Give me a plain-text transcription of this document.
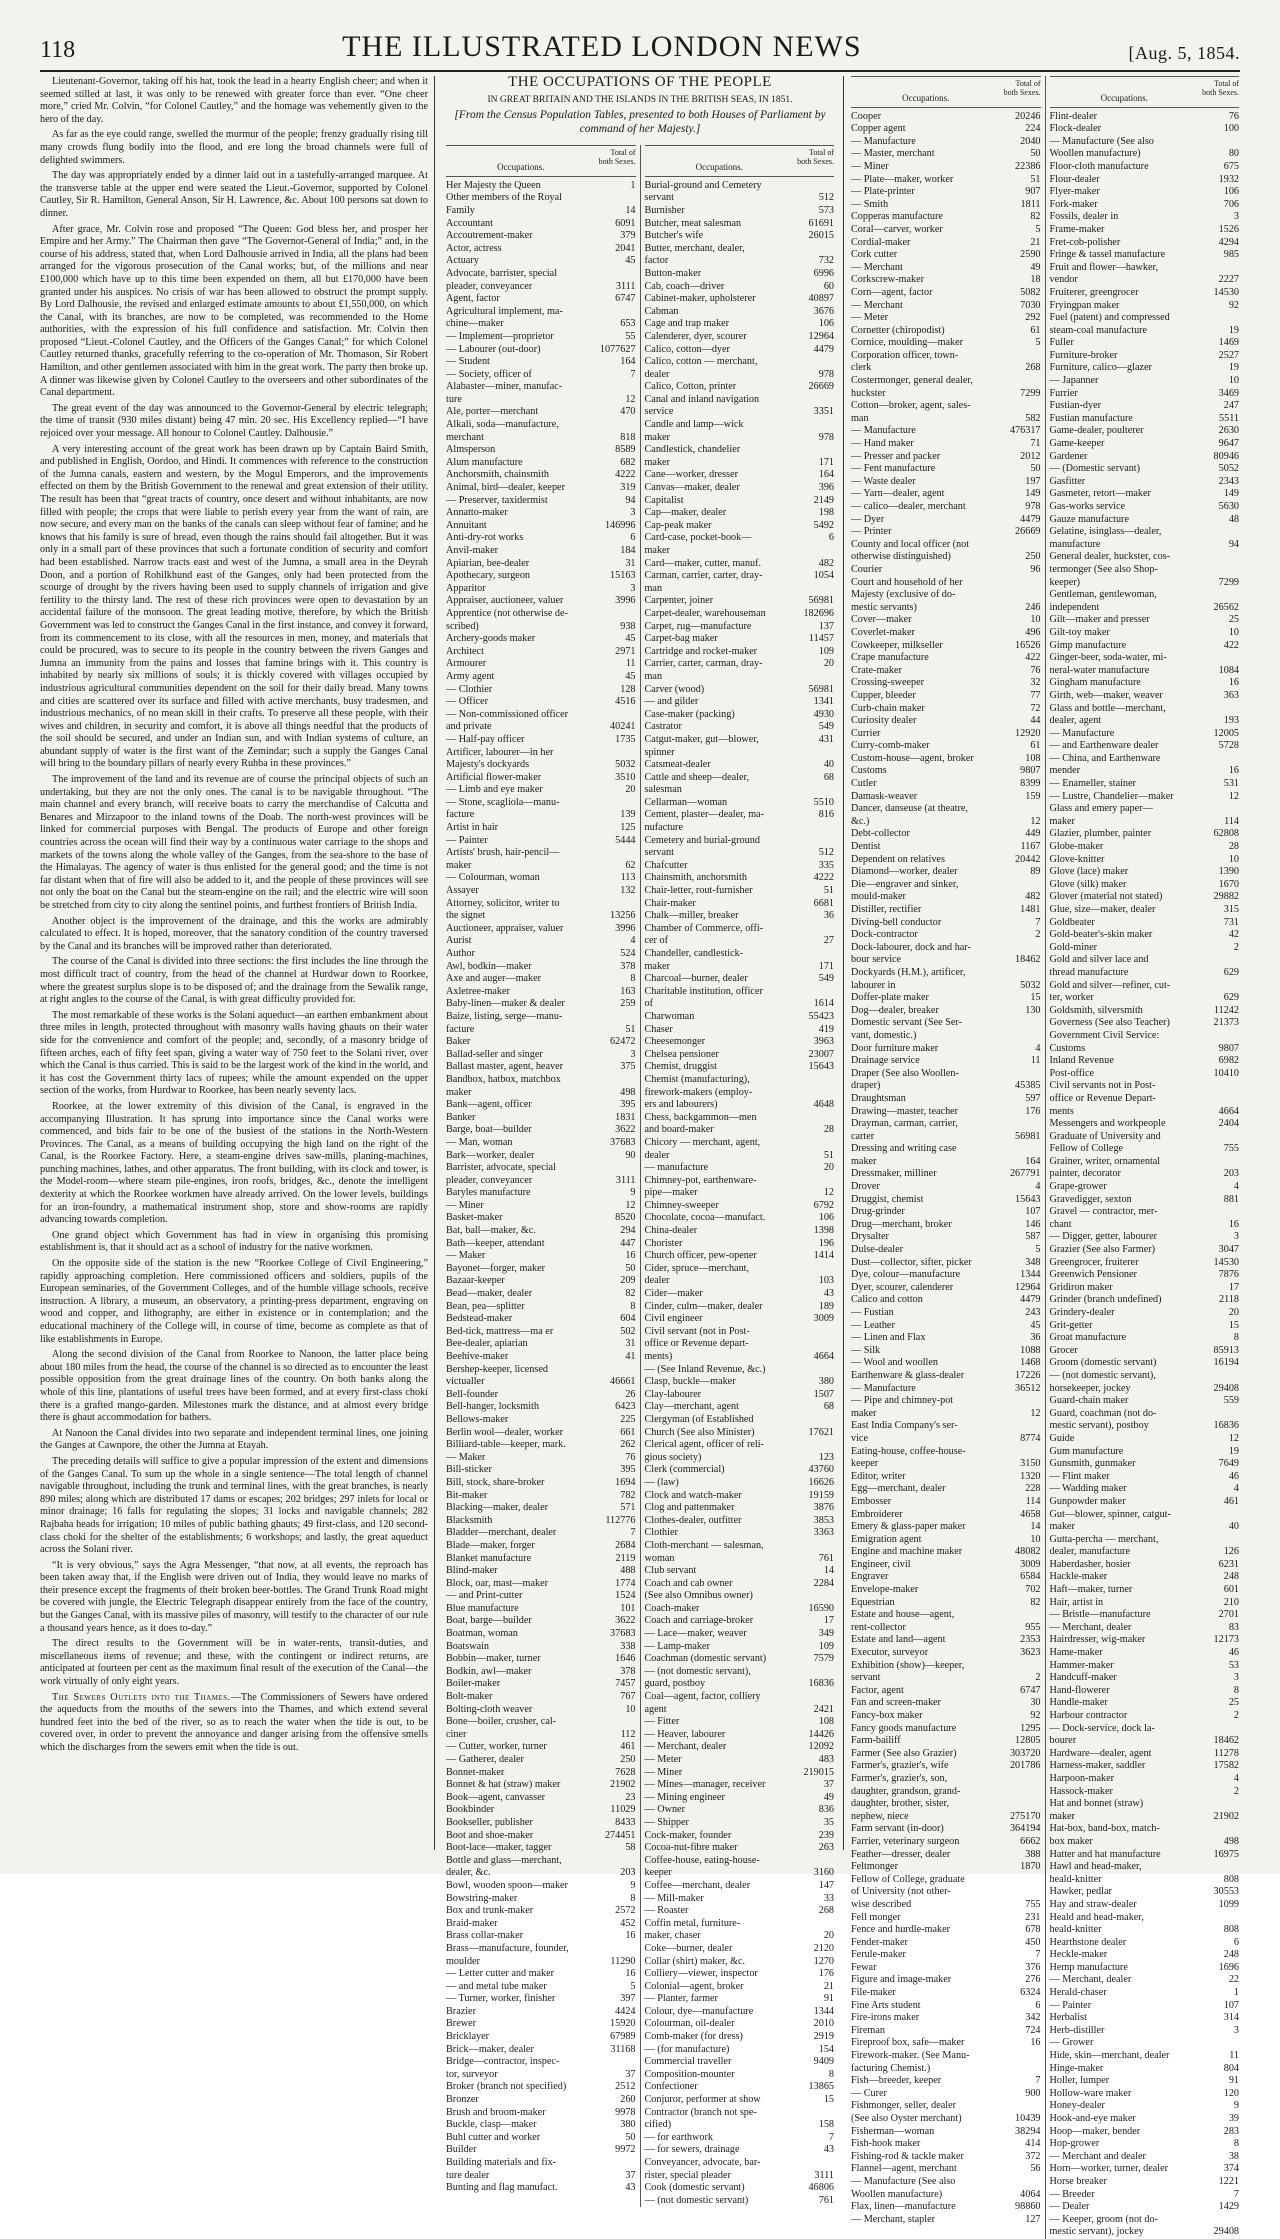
118	THE ILLUSTRATED LONDON NEWS	[Aug. 5, 1854.

Lieutenant-Governor, taking off his hat, took the lead in a hearty English cheer; and when it seemed stilled at last, it was only to be renewed with greater force than ever. “One cheer more,” cried Mr. Colvin, “for Colonel Cautley,” and the homage was vehemently given to the hero of the day.

As far as the eye could range, swelled the murmur of the people; frenzy gradually rising till many crowds flung bodily into the flood, and ere long the broad channels were full of delighted swimmers.

The day was appropriately ended by a dinner laid out in a tastefully-arranged marquee. At the transverse table at the upper end were seated the Lieut.-Governor, supported by Colonel Cautley, Sir R. Hamilton, General Anson, Sir H. Lawrence, &c. About 100 persons sat down to dinner.

After grace, Mr. Colvin rose and proposed “The Queen: God bless her, and prosper her Empire and her Army.” The Chairman then gave “The Governor-General of India;” and, in the course of his address, stated that, when Lord Dalhousie arrived in India, all the plans had been arranged for the vigorous prosecution of the Canal works; but, of the millions and near £100,000 which have up to this time been expended on them, all but £170,000 have been granted under his auspices. No crisis of war has been allowed to obstruct the prompt supply. By Lord Dalhousie, the revised and enlarged estimate amounts to about £1,550,000, on which the Canal, with its branches, are now to be completed, was recommended to the Home authorities, with the expression of his full confidence and satisfaction. Mr. Colvin then proposed “Lieut.-Colonel Cautley, and the Officers of the Ganges Canal;” for which Colonel Cautley returned thanks, gracefully referring to the co-operation of Mr. Thomason, Sir Robert Hamilton, and other gentlemen associated with him in the great work. The party then broke up. A dinner was likewise given by Colonel Cautley to the overseers and other subordinates of the Canal department.

The great event of the day was announced to the Governor-General by electric telegraph; the time of transit (930 miles distant) being 47 min. 20 sec. His Excellency replied—“I have rejoiced over your message. All honour to Colonel Cautley. Dalhousie.”

A very interesting account of the great work has been drawn up by Captain Baird Smith, and published in English, Oordoo, and Hindi. It commences with reference to the construction of the Jumna canals, eastern and western, by the Mogul Emperors, and the improvements effected on them by the British Government to the renewal and great extension of their utility. The result has been that “great tracts of country, once desert and without inhabitants, are now filled with people; the crops that were liable to perish every year from the want of rain, are now secure, and every man on the banks of the canals can sleep without fear of famine; and he knows that his family is sure of bread, even though the rains should fail altogether. But it was only in a small part of these provinces that such a fortunate condition of security and comfort had been established. Narrow tracts east and west of the Jumna, a small area in the Deyrah Doon, and a portion of Rohilkhund east of the Ganges, only had been protected from the scourge of drought by the rivers having been used to supply channels of irrigation and give fertility to the thirsty land. The rest of these rich provinces were open to devastation by an accidental failure of the monsoon. The great leading motive, therefore, by which the British Government was led to construct the Ganges Canal in the first instance, and convey it forward, from its commencement to its close, with all the resources in men, money, and materials that could be procured, was to secure to its people in the country between the rivers Ganges and Jumna an immunity from the pains and losses that famine brings with it. This country is inhabited by nearly six millions of souls; it is thickly covered with villages occupied by industrious agricultural communities dependent on the soil for their daily bread. Many towns and cities are scattered over its surface and filled with active merchants, busy tradesmen, and industrious mechanics, of no mean skill in their crafts. To preserve all these people, with their wives and children, in security and comfort, it is above all things needful that the products of the soil should be secured, and under an Indian sun, and with Indian systems of culture, an abundant supply of water is the first want of the Zemindar; such a supply the Ganges Canal will bring to the boundary pillars of nearly every Ruhba in these provinces.”

The improvement of the land and its revenue are of course the principal objects of such an undertaking, but they are not the only ones. The canal is to be navigable throughout. “The main channel and every branch, will receive boats to carry the merchandise of Calcutta and Benares and Mirzapoor to the inland towns of the Doab. The north-west provinces will be linked for commercial purposes with Bengal. The products of Europe and other foreign countries across the ocean will find their way by a continuous water carriage to the shops and markets of the towns along the whole valley of the Ganges, from the sea-shore to the base of the Himalayas. The agency of water is thus enlisted for the general good; and the time is not far distant when that of fire will also be added to it, and the people of these provinces will see not only the boat on the Canal but the steam-engine on the rail; and the electric wire will soon be stretched from city to city along the sentinel points, and furthest frontiers of British India.

Another object is the improvement of the drainage, and this the works are admirably calculated to effect. It is hoped, moreover, that the sanatory condition of the country traversed by the Canal and its branches will be improved rather than deteriorated.

The course of the Canal is divided into three sections: the first includes the line through the most difficult tract of country, from the head of the channel at Hurdwar down to Roorkee, where the greatest surplus slope is to be disposed of; and the drainage from the Sewalik range, at right angles to the course of the Canal, is with great difficulty provided for.

The most remarkable of these works is the Solani aqueduct—an earthen embankment about three miles in length, protected throughout with masonry walls having ghauts on their water side for the convenience and comfort of the people; and, secondly, of a masonry bridge of fifteen arches, each of fifty feet span, giving a water way of 750 feet to the Solani river, over which the Canal is thus carried. This is said to be the largest work of the kind in the world, and it has cost the Government thirty lacs of rupees; while the amount expended on the upper section of the works, from Hurdwar to Roorkee, has been nearly seventy lacs.

Roorkee, at the lower extremity of this division of the Canal, is engraved in the accompanying Illustration. It has sprung into importance since the Canal works were commenced, and bids fair to be one of the busiest of the stations in the North-Western Provinces. The Canal, as a means of building occupying the high land on the right of the Canal, is the Roorkee Factory. Here, a steam-engine drives saw-mills, planing-machines, punching machines, lathes, and other apparatus. The front building, with its clock and tower, is the Model-room—where steam pile-engines, iron roofs, bridges, &c., denote the intelligent dexterity at which the Roorkee workmen have already arrived. On the lower levels, buildings for an iron-foundry, a mathematical instrument shop, store and show-rooms are rapidly advancing towards completion.

One grand object which Government has had in view in organising this promising establishment is, that it should act as a school of industry for the native workmen.

On the opposite side of the station is the new “Roorkee College of Civil Engineering,” rapidly approaching completion. Here commissioned officers and soldiers, pupils of the European seminaries, of the Government Colleges, and of the humble village schools, receive instruction. A library, a museum, an observatory, a printing-press department, engraving on wood and copper, and lithography, are either in existence or in contemplation; and the educational machinery of the College will, in course of time, become as complete as that of like establishments in Europe.

Along the second division of the Canal from Roorkee to Nanoon, the latter place being about 180 miles from the head, the course of the channel is so directed as to encounter the least possible opposition from the great drainage lines of the country. On both banks along the whole of this line, plantations of useful trees have been formed, and at every first-class chokí there is a grafted mango-garden. Milestones mark the distance, and at almost every bridge there is ghaut accommodation for bathers.

At Nanoon the Canal divides into two separate and independent terminal lines, one joining the Ganges at Cawnpore, the other the Jumna at Etayah.

The preceding details will suffice to give a popular impression of the extent and dimensions of the Ganges Canal. To sum up the whole in a single sentence—The total length of channel navigable throughout, including the trunk and terminal lines, with the great branches, is nearly 890 miles; along which are distributed 17 dams or escapes; 202 bridges; 297 inlets for local or minor drainage; 16 falls for regulating the slopes; 31 locks and navigable channels; 282 Rajbaha heads for irrigation; 10 miles of public bathing ghauts; 49 first-class, and 120 second-class choki for the shelter of the establishments; 6 workshops; and lastly, the great aqueduct across the Solani river.

“It is very obvious,” says the Agra Messenger, “that now, at all events, the reproach has been taken away that, if the English were driven out of India, they would leave no marks of their presence except the fragments of their broken beer-bottles. The Grand Trunk Road might be covered with jungle, the Electric Telegraph disappear entirely from the face of the country, but the Ganges Canal, with its massive piles of masonry, will testify to the character of our rule a thousand years hence, as it does to-day.”

The direct results to the Government will be in water-rents, transit-duties, and miscellaneous items of revenue; and these, with the contingent or indirect returns, are anticipated at fourteen per cent as the maximum final result of the execution of the Canal—the work virtually of only eight years.

The Sewers Outlets into the Thames.—The Commissioners of Sewers have ordered the aqueducts from the mouths of the sewers into the Thames, and which extend several hundred feet into the bed of the river, so as to reach the water when the tide is out, to be covered over, in order to prevent the annoyance and danger arising from the offensive smells which the discharges from the sewers emit when the tide is out.

THE OCCUPATIONS OF THE PEOPLE
IN GREAT BRITAIN AND THE ISLANDS IN THE BRITISH SEAS, IN 1851.
[From the Census Population Tables, presented to both Houses of Parliament by command of her Majesty.]
Occupations.
Total of both Sexes.
Her Majesty the Queen	1
Other members of the Royal
Family	14
Accountant	6091
Accoutrement-maker	379
Actor, actress	2041
Actuary	45
Advocate, barrister, special
pleader, conveyancer	3111
Agent, factor	6747
Agricultural implement, ma-
chine—maker	653
— Implement—proprietor	55
— Labourer (out-door)	1077627
— Student	164
— Society, officer of	7
Alabaster—miner, manufac-
ture	12
Ale, porter—merchant	470
Alkali, soda—manufacture,
merchant	818
Almsperson	8589
Alum manufacture	682
Anchorsmith, chainsmith	4222
Animal, bird—dealer, keeper	319
— Preserver, taxidermist	94
Annatto-maker	3
Annuitant	146996
Anti-dry-rot works	6
Anvil-maker	184
Apiarian, bee-dealer	31
Apothecary, surgeon	15163
Apparitor	3
Appraiser, auctioneer, valuer	3996
Apprentice (not otherwise de-
scribed)	938
Archery-goods maker	45
Architect	2971
Armourer	11
Army agent	45
— Clothier	128
— Officer	4516
— Non-commissioned officer
and private	40241
— Half-pay officer	1735
Artificer, labourer—in her
Majesty's dockyards	5032
Artificial flower-maker	3510
— Limb and eye maker	20
— Stone, scagliola—manu-
facture	139
Artist in hair	125
— Painter	5444
Artists' brush, hair-pencil—
maker	62
— Colourman, woman	113
Assayer	132
Attorney, solicitor, writer to
the signet	13256
Auctioneer, appraiser, valuer	3996
Aurist	4
Author	524
Awl, bodkin—maker	378
Axe and auger—maker	8
Axletree-maker	163
Baby-linen—maker & dealer	259
Baize, listing, serge—manu-
facture	51
Baker	62472
Ballad-seller and singer	3
Ballast master, agent, heaver	375
Bandbox, hatbox, matchbox
maker	498
Bank—agent, officer	395
Banker	1831
Barge, boat—builder	3622
— Man, woman	37683
Bark—worker, dealer	90
Barrister, advocate, special
pleader, conveyancer	3111
Baryles manufacture	9
— Miner	12
Basket-maker	8520
Bat, ball—maker, &c.	294
Bath—keeper, attendant	447
— Maker	16
Bayonet—forger, maker	50
Bazaar-keeper	209
Bead—maker, dealer	82
Bean, pea—splitter	8
Bedstead-maker	604
Bed-tick, mattress—ma er	502
Bee-dealer, apiarian	31
Beehive-maker	41
Bershep-keeper, licensed
victualler	46661
Bell-founder	26
Bell-hanger, locksmith	6423
Bellows-maker	225
Berlin wool—dealer, worker	661
Billiard-table—keeper, mark.	262
— Maker	76
Bill-sticker	395
Bill, stock, share-broker	1694
Bit-maker	782
Blacking—maker, dealer	571
Blacksmith	112776
Bladder—merchant, dealer	7
Blade—maker, forger	2684
Blanket manufacture	2119
Blind-maker	488
Block, oar, mast—maker	1774
— and Print-cutter	1524
Blue manufacture	101
Boat, barge—builder	3622
Boatman, woman	37683
Boatswain	338
Bobbin—maker, turner	1646
Bodkin, awl—maker	378
Boiler-maker	7457
Bolt-maker	767
Bolting-cloth weaver	10
Bone—boiler, crusher, cal-
ciner	112
— Cutter, worker, turner	461
— Gatherer, dealer	250
Bonnet-maker	7628
Bonnet & hat (straw) maker	21902
Book—agent, canvasser	23
Bookbinder	11029
Bookseller, publisher	8433
Boot and shoe-maker	274451
Boot-lace—maker, tagger	58
Bottle and glass—merchant,
dealer, &c.	203
Bowl, wooden spoon—maker	9
Bowstring-maker	8
Box and trunk-maker	2572
Braid-maker	452
Brass collar-maker	16
Brass—manufacture, founder,
moulder	11290
— Letter cutter and maker	16
— and metal tube maker	5
— Turner, worker, finisher	397
Brazier	4424
Brewer	15920
Bricklayer	67989
Brick—maker, dealer	31168
Bridge—contractor, inspec-
tor, surveyor	37
Broker (branch not specified)	2512
Bronzer	260
Brush and broom-maker	9978
Buckle, clasp—maker	380
Buhl cutter and worker	50
Builder	9972
Building materials and fix-
ture dealer	37
Bunting and flag manufact.	43
Occupations.
Total of both Sexes.
Burial-ground and Cemetery
servant	512
Burnisher	573
Butcher, meat salesman	61691
Butcher's wife	26015
Butter, merchant, dealer,
factor	732
Button-maker	6996
Cab, coach—driver	60
Cabinet-maker, upholsterer	40897
Cabman	3676
Cage and trap maker	106
Calenderer, dyer, scourer	12964
Calico, cotton—dyer	4479
Calico, cotton — merchant,
dealer	978
Calico, Cotton, printer	26669
Canal and inland navigation
service	3351
Candle and lamp—wick
maker	978
Candlestick, chandelier
maker	171
Cane—worker, dresser	164
Canvas—maker, dealer	396
Capitalist	2149
Cap—maker, dealer	198
Cap-peak maker	5492
Card-case, pocket-book—	6
maker
Card—maker, cutter, manuf.	482
Carman, carrier, carter, dray-	1054
man
Carpenter, joiner	56981
Carpet-dealer, warehouseman	182696
Carpet, rug—manufacture	137
Carpet-bag maker	11457
Cartridge and rocket-maker	109
Carrier, carter, carman, dray-	20
man
Carver (wood)	56981
— and gilder	1341
Case-maker (packing)	4930
Castrator	549
Catgut-maker, gut—blower,	431
spinner
Catsmeat-dealer	40
Cattle and sheep—dealer,	68
salesman
Cellarman—woman	5510
Cement, plaster—dealer, ma-	816
nufacture
Cemetery and burial-ground
servant	512
Chafcutter	335
Chainsmith, anchorsmith	4222
Chair-letter, rout-furnisher	51
Chair-maker	6681
Chalk—miller, breaker	36
Chamber of Commerce, offi-
cer of	27
Chandeller, candlestick-
maker	171
Charcoal—burner, dealer	549
Charitable institution, officer
of	1614
Charwoman	55423
Chaser	419
Cheesemonger	3963
Chelsea pensioner	23007
Chemist, druggist	15643
Chemist (manufacturing),
firework-makers (employ-
ers and labourers)	4648
Chess, backgammon—men
and board-maker	28
Chicory — merchant, agent,
dealer	51
— manufacture	20
Chimney-pot, earthenware-
pipe—maker	12
Chimney-sweeper	6792
Chocolate, cocoa—manufact.	106
China-dealer	1398
Chorister	196
Church officer, pew-opener	1414
Cider, spruce—merchant,
dealer	103
Cider—maker	43
Cinder, culm—maker, dealer	189
Civil engineer	3009
Civil servant (not in Post-
office or Revenue depart-
ments)	4664
— (See Inland Revenue, &c.)
Clasp, buckle—maker	380
Clay-labourer	1507
Clay—merchant, agent	68
Clergyman (of Established
Church (See also Minister)	17621
Clerical agent, officer of reli-
gious society)	123
Clerk (commercial)	43760
— (law)	16626
Clock and watch-maker	19159
Clog and pattenmaker	3876
Clothes-dealer, outfitter	3853
Clothier	3363
Cloth-merchant — salesman,
woman	761
Club servant	14
Coach and cab owner	2284
(See also Omnibus owner)
Coach-maker	16590
Coach and carriage-broker	17
— Lace—maker, weaver	349
— Lamp-maker	109
Coachman (domestic servant)	7579
— (not domestic servant),
guard, postboy	16836
Coal—agent, factor, colliery
agent	2421
— Fitter	108
— Heaver, labourer	14426
— Merchant, dealer	12092
— Meter	483
— Miner	219015
— Mines—manager, receiver	37
— Mining engineer	49
— Owner	836
— Shipper	35
Cock-maker, founder	239
Cocoa-nut-fibre maker	263
Coffee-house, eating-house-
keeper	3160
Coffee—merchant, dealer	147
— Mill-maker	33
— Roaster	268
Coffin metal, furniture-
maker, chaser	20
Coke—burner, dealer	2120
Collar (shirt) maker, &c.	1270
Colliery—viewer, inspector	176
Colonial—agent, broker	21
— Planter, farmer	91
Colour, dye—manufacture	1344
Colourman, oil-dealer	2010
Comb-maker (for dress)	2919
— (for manufacture)	154
Commercial traveller	9409
Composition-mounter	8
Confectioner	13865
Conjuror, performer at show	15
Contractor (branch not spe-
cified)	158
— for earthwork	7
— for sewers, drainage	43
Conveyancer, advocate, bar-
rister, special pleader	3111
Cook (domestic servant)	46806
— (not domestic servant)	761
Occupations.
Total of both Sexes.
Cooper	20246
Copper agent	224
— Manufacture	2040
— Master, merchant	50
— Miner	22386
— Plate—maker, worker	51
— Plate-printer	907
— Smith	1811
Copperas manufacture	82
Coral—carver, worker	5
Cordial-maker	21
Cork cutter	2590
— Merchant	49
Corkscrew-maker	18
Corn—agent, factor	5082
— Merchant	7030
— Meter	292
Cornetter (chiropodist)	61
Cornice, moulding—maker	5
Corporation officer, town-
clerk	268
Costermonger, general dealer,
huckster	7299
Cotton—broker, agent, sales-
man	582
— Manufacture	476317
— Hand maker	71
— Presser and packer	2012
— Fent manufacture	50
— Waste dealer	197
— Yarn—dealer, agent	149
— calico—dealer, merchant	978
— Dyer	4479
— Printer	26669
County and local officer (not
otherwise distinguished)	250
Courier	96
Court and household of her
Majesty (exclusive of do-
mestic servants)	246
Cover—maker	10
Coverlet-maker	496
Cowkeeper, milkseller	16526
Crape manufacture	422
Crate-maker	76
Crossing-sweeper	32
Cupper, bleeder	77
Curb-chain maker	72
Curiosity dealer	44
Currier	12920
Curry-comb-maker	61
Custom-house—agent, broker	108
Customs	9807
Cutler	8399
Damask-weaver	159
Dancer, danseuse (at theatre,
&c.)	12
Debt-collector	449
Dentist	1167
Dependent on relatives	20442
Diamond—worker, dealer	89
Die—engraver and sinker,
mould-maker	482
Distiller, rectifier	1481
Diving-bell conductor	7
Dock-contractor	2
Dock-labourer, dock and har-
bour service	18462
Dockyards (H.M.), artificer,
labourer in	5032
Doffer-plate maker	15
Dog—dealer, breaker	130
Domestic servant (See Ser-
vant, domestic.)
Door furniture maker	4
Drainage service	11
Draper (See also Woollen-
draper)	45385
Draughtsman	597
Drawing—master, teacher	176
Drayman, carman, carrier,
carter	56981
Dressing and writing case
maker	164
Dressmaker, milliner	267791
Drover	4
Druggist, chemist	15643
Drug-grinder	107
Drug—merchant, broker	146
Drysalter	587
Dulse-dealer	5
Dust—collector, sifter, picker	348
Dye, colour—manufacture	1344
Dyer, scourer, calenderer	12964
Calico and cotton	4479
— Fustian	243
— Leather	45
— Linen and Flax	36
— Silk	1088
— Wool and woollen	1468
Earthenware & glass-dealer	17226
— Manufacture	36512
— Pipe and chimney-pot
maker	12
East India Company's ser-
vice	8774
Eating-house, coffee-house-
keeper	3150
Editor, writer	1320
Egg—merchant, dealer	228
Embosser	114
Embroiderer	4658
Emery & glass-paper maker	14
Emigration agent	10
Engine and machine maker	48082
Engineer, civil	3009
Engraver	6584
Envelope-maker	702
Equestrian	82
Estate and house—agent,
rent-collector	955
Estate and land—agent	2353
Executor, surveyor	3623
Exhibition (show)—keeper,
servant	2
Factor, agent	6747
Fan and screen-maker	30
Fancy-box maker	92
Fancy goods manufacture	1295
Farm-bailiff	12805
Farmer (See also Grazier)	303720
Farmer's, grazier's, wife	201786
Farmer's, grazier's, son,
daughter, grandson, grand-
daughter, brother, sister,
nephew, niece	275170
Farm servant (in-door)	364194
Farrier, veterinary surgeon	6662
Feather—dresser, dealer	388
Feltmonger	1870
Fellow of College, graduate
of University (not other-
wise described	755
Fell monger	231
Fence and hurdle-maker	678
Fender-maker	450
Ferule-maker	7
Fewar	376
Figure and image-maker	276
File-maker	6324
Fine Arts student	6
Fire-irons maker	342
Fireman	724
Fireproof box, safe—maker	16
Firework-maker. (See Manu-
facturing Chemist.)
Fish—breeder, keeper	7
— Curer	900
Fishmonger, seller, dealer
(See also Oyster merchant)	10439
Fisherman—woman	38294
Fish-hook maker	414
Fishing-rod & tackle maker	372
Flannel—agent, merchant	56
— Manufacture (See also
Woollen manufacture)	4064
Flax, linen—manufacture	98860
— Merchant, stapler	127
Occupations.
Total of both Sexes.
Flint-dealer	76
Flock-dealer	100
— Manufacture (See also
Woollen manufacture)	80
Floor-cloth manufacture	675
Flour-dealer	1932
Flyer-maker	106
Fork-maker	706
Fossils, dealer in	3
Frame-maker	1526
Fret-cob-polisher	4294
Fringe & tassel manufacture	985
Fruit and flower—hawker,
vendor	2227
Fruiterer, greengrocer	14530
Fryingpan maker	92
Fuel (patent) and compressed
steam-coal manufacture	19
Fuller	1469
Furniture-broker	2527
Furniture, calico—glazer	19
— Japanner	10
Furrier	3469
Fustian-dyer	247
Fustian manufacture	5511
Game-dealer, poulterer	2630
Game-keeper	9647
Gardener	80946
— (Domestic servant)	5052
Gasfitter	2343
Gasmeter, retort—maker	149
Gas-works service	5630
Gauze manufacture	48
Gelatine, isinglass—dealer,
manufacture	94
General dealer, huckster, cos-
termonger (See also Shop-
keeper)	7299
Gentleman, gentlewoman,
independent	26562
Gilt—maker and presser	25
Gilt-toy maker	10
Gimp manufacture	422
Ginger-beer, soda-water, mi-
neral-water manufacture	1084
Gingham manufacture	16
Girth, web—maker, weaver	363
Glass and bottle—merchant,
dealer, agent	193
— Manufacture	12005
— and Earthenware dealer	5728
— China, and Earthenware
mender	16
— Enameller, stainer	531
— Lustre, Chandelier—maker	12
Glass and emery paper—
maker	114
Glazier, plumber, painter	62808
Globe-maker	28
Glove-knitter	10
Glove (lace) maker	1390
Glove (silk) maker	1670
Glover (material not stated)	29882
Glue, size—maker, dealer	315
Goldbeater	731
Gold-beater's-skin maker	42
Gold-miner	2
Gold and silver lace and
thread manufacture	629
Gold and silver—refiner, cut-
ter, worker	629
Goldsmith, silversmith	11242
Governess (See also Teacher)	21373
Government Civil Service:
Customs	9807
Inland Revenue	6982
Post-office	10410
Civil servants not in Post-
office or Revenue Depart-
ments	4664
Messengers and workpeople	2404
Graduate of University and
Fellow of College	755
Grainer, writer, ornamental
painter, decorator	203
Grape-grower	4
Gravedigger, sexton	881
Gravel — contractor, mer-
chant	16
— Digger, getter, labourer	3
Grazier (See also Farmer)	3047
Greengrocer, fruiterer	14530
Greenwich Pensioner	7876
Gridiron maker	17
Grinder (branch undefined)	2118
Grindery-dealer	20
Grit-getter	15
Groat manufacture	8
Grocer	85913
Groom (domestic servant)	16194
— (not domestic servant),
horsekeeper, jockey	29408
Guard-chain maker	559
Guard, coachman (not do-
mestic servant), postboy	16836
Guide	12
Gum manufacture	19
Gunsmith, gunmaker	7649
— Flint maker	46
— Wadding maker	4
Gunpowder maker	461
Gut—blower, spinner, catgut-
maker	40
Gutta-percha — merchant,
dealer, manufacture	126
Haberdasher, hosier	6231
Hackle-maker	248
Haft—maker, turner	601
Hair, artist in	210
— Bristle—manufacture	2701
— Merchant, dealer	83
Hairdresser, wig-maker	12173
Hame-maker	46
Hammer-maker	53
Handcuff-maker	3
Hand-flowerer	8
Handle-maker	25
Harbour contractor	2
— Dock-service, dock la-
bourer	18462
Hardware—dealer, agent	11278
Harness-maker, saddler	17582
Harpoon-maker	4
Hassock-maker	2
Hat and bonnet (straw)
maker	21902
Hat-box, band-box, match-
box maker	498
Hatter and hat manufacture	16975
Hawl and head-maker,
heald-knitter	808
Hawker, pedlar	30553
Hay and straw-dealer	1099
Heald and head-maker,
heald-knitter	808
Hearthstone dealer	6
Heckle-maker	248
Hemp manufacture	1696
— Merchant, dealer	22
Herald-chaser	1
— Painter	107
Herbalist	314
Herb-distiller	3
— Grower
Hide, skin—merchant, dealer	11
Hinge-maker	804
Holler, lumper	91
Hollow-ware maker	120
Honey-dealer	9
Hook-and-eye maker	39
Hoop—maker, bender	283
Hop-grower	8
— Merchant and dealer	38
Horn—worker, turner, dealer	374
Horse breaker	1221
— Breeder	7
— Dealer	1429
— Keeper, groom (not do-
mestic servant), jockey	29408
